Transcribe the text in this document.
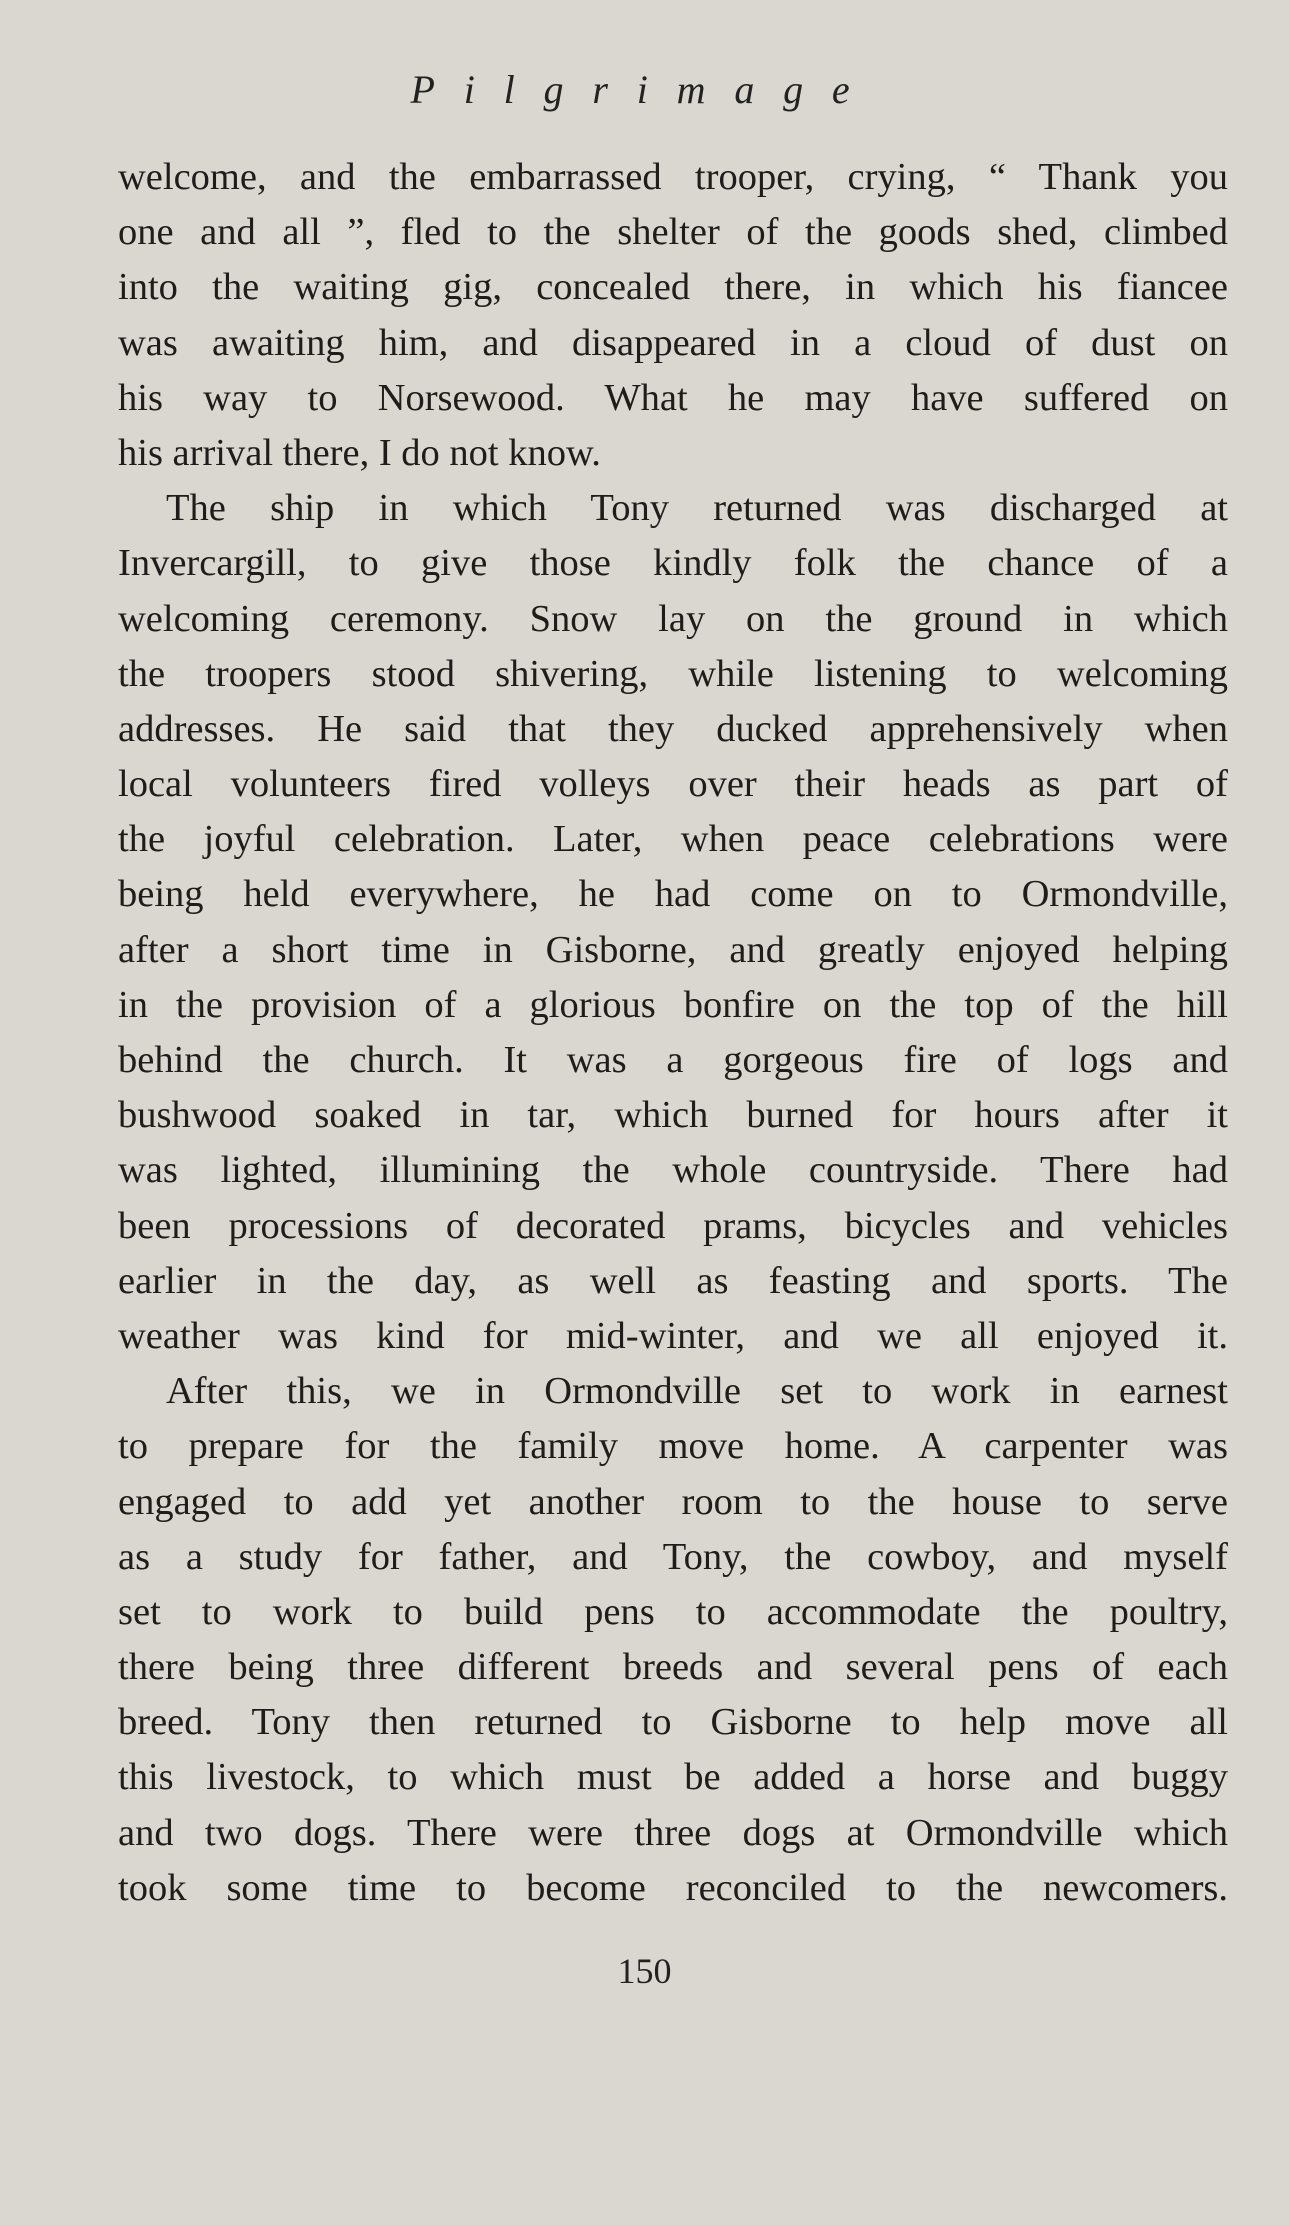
Pilgrimage
welcome, and the embarrassed trooper, crying, “ Thank you
one and all ”, fled to the shelter of the goods shed, climbed
into the waiting gig, concealed there, in which his fiancee
was awaiting him, and disappeared in a cloud of dust on
his way to Norsewood. What he may have suffered on
his arrival there, I do not know.
The ship in which Tony returned was discharged at
Invercargill, to give those kindly folk the chance of a
welcoming ceremony. Snow lay on the ground in which
the troopers stood shivering, while listening to welcoming
addresses. He said that they ducked apprehensively when
local volunteers fired volleys over their heads as part of
the joyful celebration. Later, when peace celebrations were
being held everywhere, he had come on to Ormondville,
after a short time in Gisborne, and greatly enjoyed helping
in the provision of a glorious bonfire on the top of the hill
behind the church. It was a gorgeous fire of logs and
bushwood soaked in tar, which burned for hours after it
was lighted, illumining the whole countryside. There had
been processions of decorated prams, bicycles and vehicles
earlier in the day, as well as feasting and sports. The
weather was kind for mid-winter, and we all enjoyed it.
After this, we in Ormondville set to work in earnest
to prepare for the family move home. A carpenter was
engaged to add yet another room to the house to serve
as a study for father, and Tony, the cowboy, and myself
set to work to build pens to accommodate the poultry,
there being three different breeds and several pens of each
breed. Tony then returned to Gisborne to help move all
this livestock, to which must be added a horse and buggy
and two dogs. There were three dogs at Ormondville which
took some time to become reconciled to the newcomers.
150
